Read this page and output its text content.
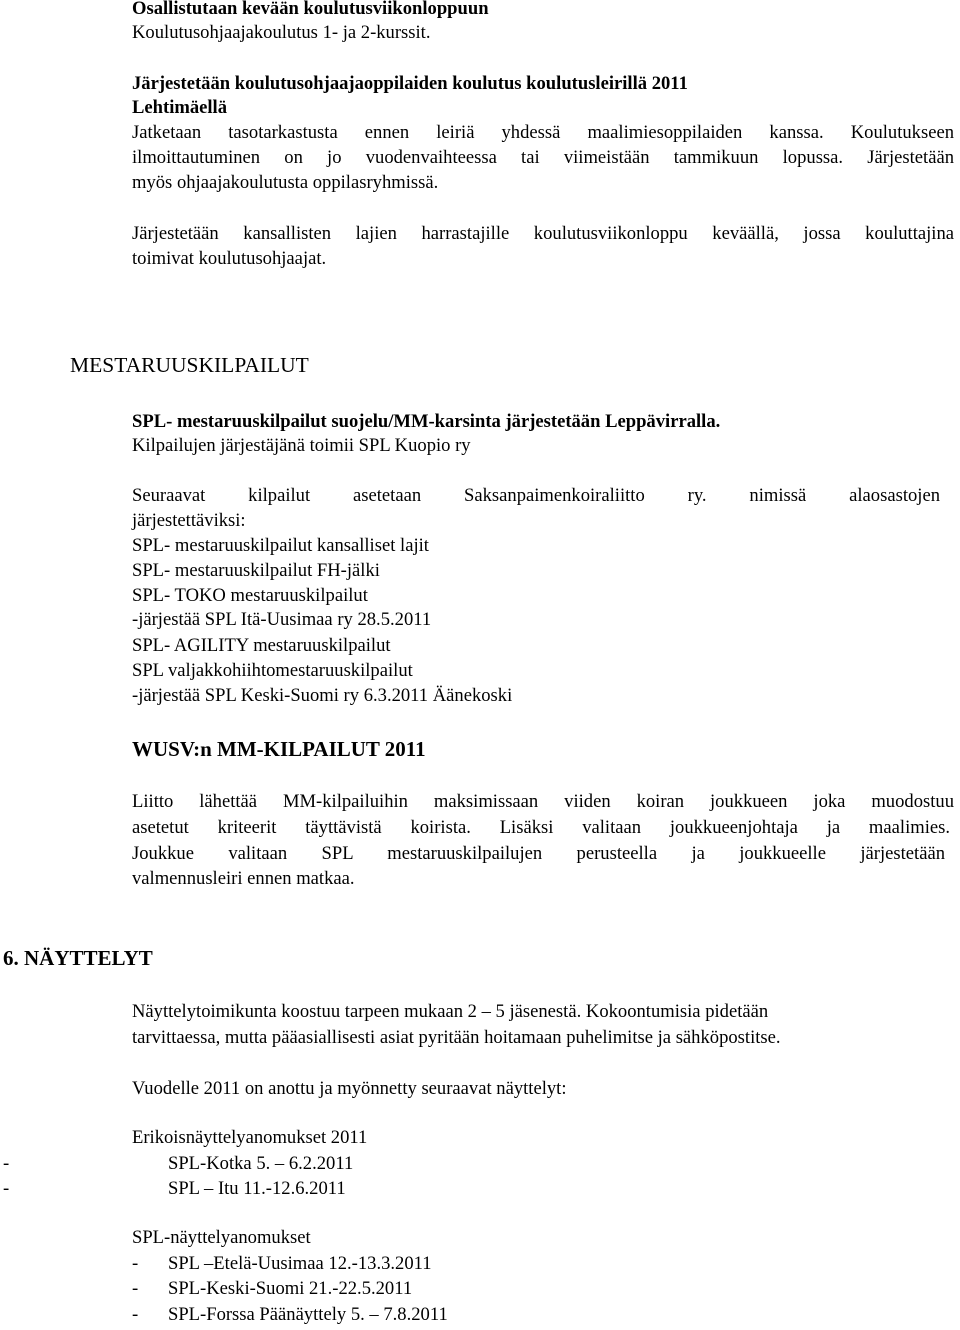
Osallistutaan kevään koulutusviikonloppuun
Koulutusohjaajakoulutus 1- ja 2-kurssit.
Järjestetään koulutusohjaajaoppilaiden koulutus koulutusleirillä 2011
Lehtimäellä
Jatketaan tasotarkastusta ennen leiriä yhdessä maalimiesoppilaiden kanssa. Koulutukseen
ilmoittautuminen on jo vuodenvaihteessa tai viimeistään tammikuun lopussa. Järjestetään
myös ohjaajakoulutusta oppilasryhmissä.
Järjestetään kansallisten lajien harrastajille koulutusviikonloppu keväällä, jossa kouluttajina
toimivat koulutusohjaajat.
MESTARUUSKILPAILUT
SPL- mestaruuskilpailut suojelu/MM-karsinta järjestetään Leppävirralla.
Kilpailujen järjestäjänä toimii SPL Kuopio ry
Seuraavat kilpailut asetetaan Saksanpaimenkoiraliitto ry. nimissä alaosastojen
järjestettäviksi:
SPL- mestaruuskilpailut kansalliset lajit
SPL- mestaruuskilpailut FH-jälki
SPL- TOKO mestaruuskilpailut
-järjestää SPL Itä-Uusimaa ry 28.5.2011
SPL- AGILITY mestaruuskilpailut
SPL valjakkohiihtomestaruuskilpailut
-järjestää SPL Keski-Suomi ry 6.3.2011 Äänekoski
WUSV:n MM-KILPAILUT 2011
Liitto lähettää MM-kilpailuihin maksimissaan viiden koiran joukkueen joka muodostuu
asetetut kriteerit täyttävistä koirista. Lisäksi valitaan joukkueenjohtaja ja maalimies.
Joukkue valitaan SPL mestaruuskilpailujen perusteella ja joukkueelle järjestetään
valmennusleiri ennen matkaa.
6. NÄYTTELYT
Näyttelytoimikunta koostuu tarpeen mukaan 2 – 5 jäsenestä. Kokoontumisia pidetään
tarvittaessa, mutta pääasiallisesti asiat pyritään hoitamaan puhelimitse ja sähköpostitse.
Vuodelle 2011 on anottu ja myönnetty seuraavat näyttelyt:
Erikoisnäyttelyanomukset 2011
-	SPL-Kotka 5. – 6.2.2011
-	SPL – Itu 11.-12.6.2011
SPL-näyttelyanomukset
- SPL –Etelä-Uusimaa 12.-13.3.2011
- SPL-Keski-Suomi 21.-22.5.2011
- SPL-Forssa Päänäyttely 5. – 7.8.2011
